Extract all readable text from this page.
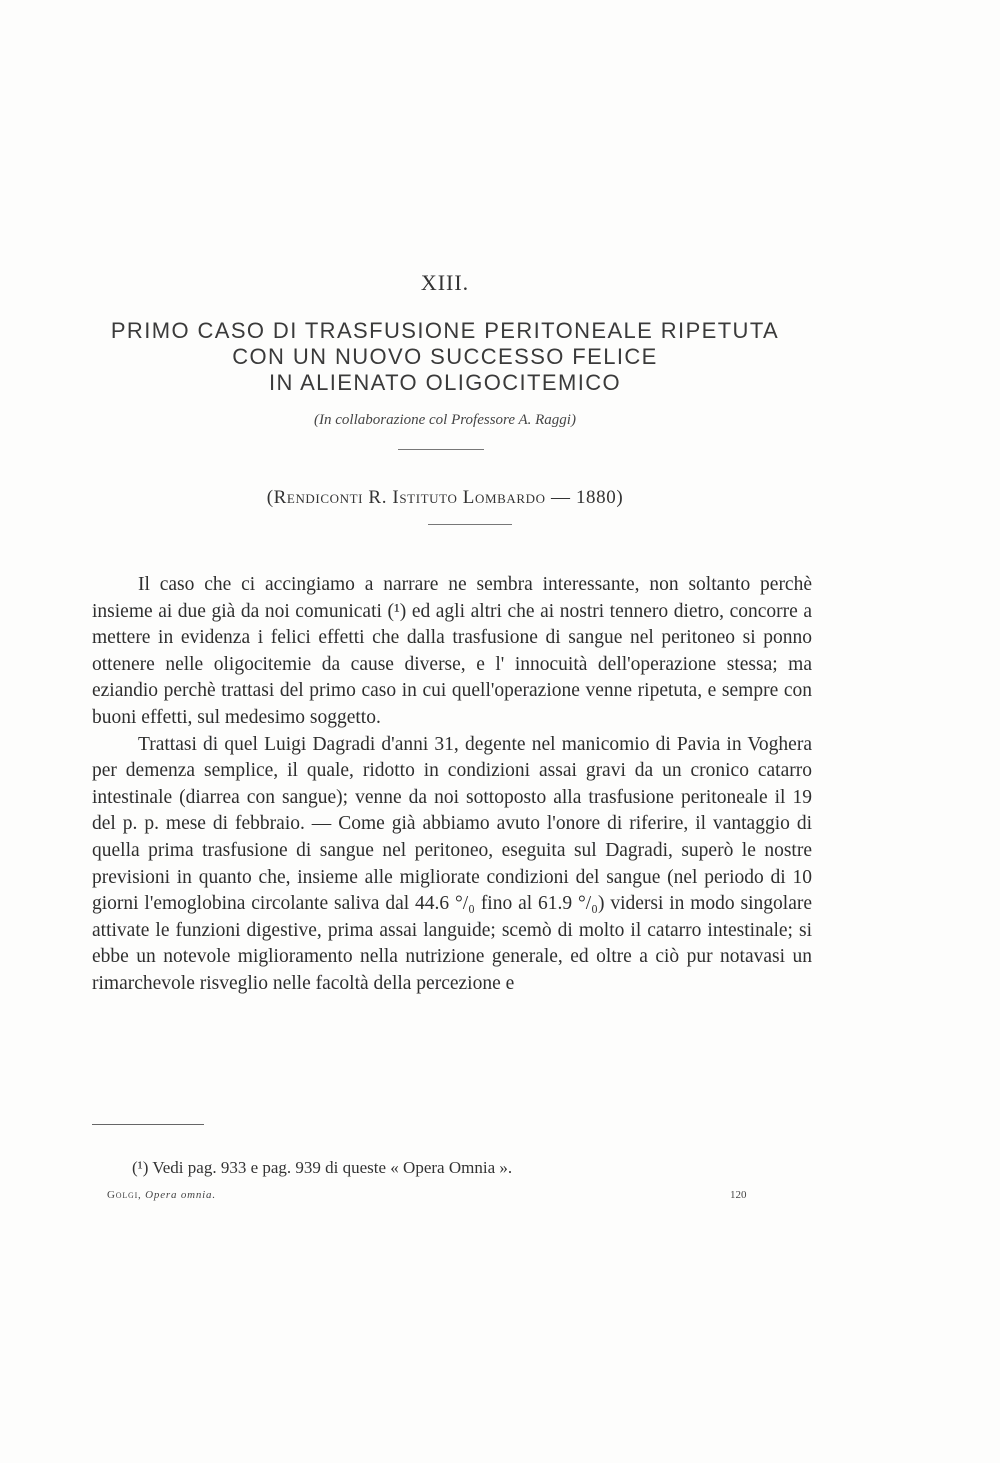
XIII.
PRIMO CASO DI TRASFUSIONE PERITONEALE RIPETUTA
CON UN NUOVO SUCCESSO FELICE
IN ALIENATO OLIGOCITEMICO
(In collaborazione col Professore A. Raggi)
(Rendiconti R. Istituto Lombardo — 1880)

Il caso che ci accingiamo a narrare ne sembra interessante, non soltanto perchè insieme ai due già da noi comunicati (¹) ed agli altri che ai nostri tennero dietro, concorre a mettere in evidenza i felici effetti che dalla trasfusione di sangue nel peritoneo si ponno ottenere nelle oligocitemie da cause diverse, e l' innocuità dell'operazione stessa; ma eziandio perchè trattasi del primo caso in cui quell'operazione venne ripetuta, e sempre con buoni effetti, sul medesimo soggetto.

Trattasi di quel Luigi Dagradi d'anni 31, degente nel manicomio di Pavia in Voghera per demenza semplice, il quale, ridotto in condizioni assai gravi da un cronico catarro intestinale (diarrea con sangue); venne da noi sottoposto alla trasfusione peritoneale il 19 del p. p. mese di febbraio. — Come già abbiamo avuto l'onore di riferire, il vantaggio di quella prima trasfusione di sangue nel peritoneo, eseguita sul Dagradi, superò le nostre previsioni in quanto che, insieme alle migliorate condizioni del sangue (nel periodo di 10 giorni l'emoglobina circolante saliva dal 44.6 °/₀ fino al 61.9 °/₀) vidersi in modo singolare attivate le funzioni digestive, prima assai languide; scemò di molto il catarro intestinale; si ebbe un notevole miglioramento nella nutrizione generale, ed oltre a ciò pur notavasi un rimarchevole risveglio nelle facoltà della percezione e

(¹) Vedi pag. 933 e pag. 939 di queste « Opera Omnia ».
Golgi, Opera omnia.	120
